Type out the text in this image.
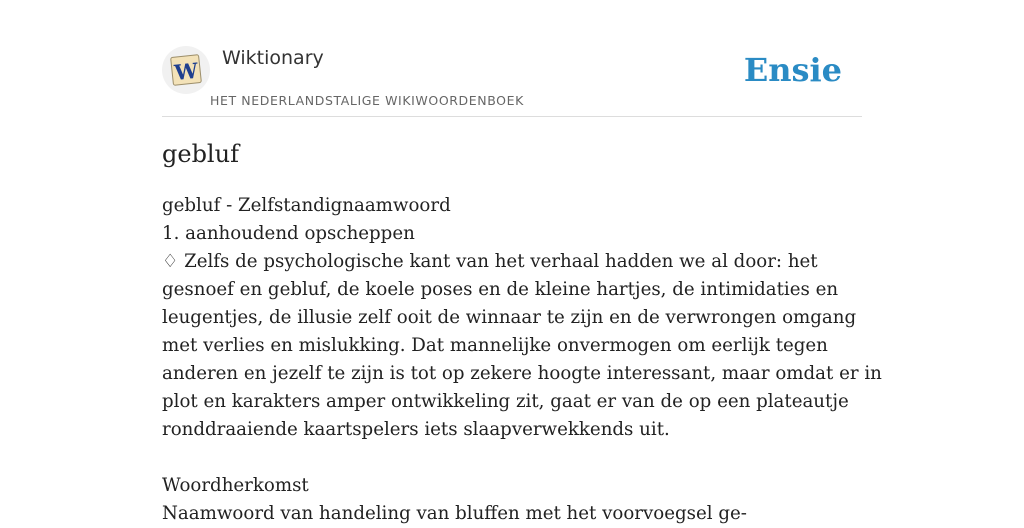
W Wiktionary
HET NEDERLANDSTALIGE WIKIWOORDENBOEK
Ensie
gebluf

gebluf - Zelfstandignaamwoord

1. aanhoudend opscheppen

♢ Zelfs de psychologische kant van het verhaal hadden we al door: het gesnoef en gebluf, de koele poses en de kleine hartjes, de intimidaties en leugentjes, de illusie zelf ooit de winnaar te zijn en de verwrongen omgang met verlies en mislukking. Dat mannelijke onvermogen om eerlijk tegen anderen en jezelf te zijn is tot op zekere hoogte interessant, maar omdat er in plot en karakters amper ontwikkeling zit, gaat er van de op een plateautje ronddraaiende kaartspelers iets slaapverwekkends uit.

Woordherkomst

Naamwoord van handeling van bluffen met het voorvoegsel ge-
